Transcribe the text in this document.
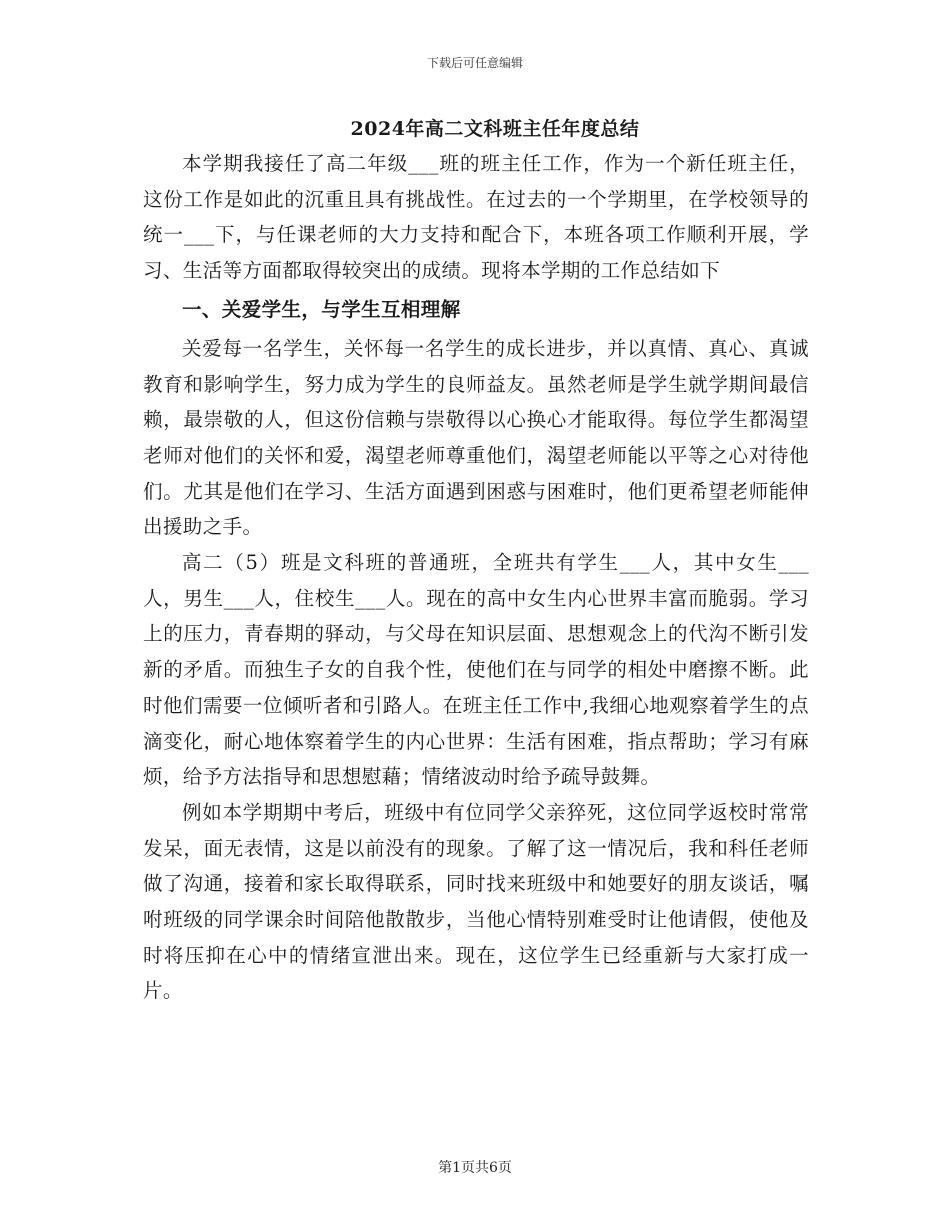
下载后可任意编辑
2024年高二文科班主任年度总结

本学期我接任了高二年级___班的班主任工作，作为一个新任班主任，这份工作是如此的沉重且具有挑战性。在过去的一个学期里，在学校领导的统一___下，与任课老师的大力支持和配合下，本班各项工作顺利开展，学习、生活等方面都取得较突出的成绩。现将本学期的工作总结如下

一、关爱学生，与学生互相理解

关爱每一名学生，关怀每一名学生的成长进步，并以真情、真心、真诚教育和影响学生，努力成为学生的良师益友。虽然老师是学生就学期间最信赖，最崇敬的人，但这份信赖与崇敬得以心换心才能取得。每位学生都渴望老师对他们的关怀和爱，渴望老师尊重他们，渴望老师能以平等之心对待他们。尤其是他们在学习、生活方面遇到困惑与困难时，他们更希望老师能伸出援助之手。

高二（5）班是文科班的普通班，全班共有学生___人，其中女生___人，男生___人，住校生___人。现在的高中女生内心世界丰富而脆弱。学习上的压力，青春期的驿动，与父母在知识层面、思想观念上的代沟不断引发新的矛盾。而独生子女的自我个性，使他们在与同学的相处中磨擦不断。此时他们需要一位倾听者和引路人。在班主任工作中,我细心地观察着学生的点滴变化，耐心地体察着学生的内心世界：生活有困难，指点帮助；学习有麻烦，给予方法指导和思想慰藉；情绪波动时给予疏导鼓舞。

例如本学期期中考后，班级中有位同学父亲猝死，这位同学返校时常常发呆，面无表情，这是以前没有的现象。了解了这一情况后，我和科任老师做了沟通，接着和家长取得联系，同时找来班级中和她要好的朋友谈话，嘱咐班级的同学课余时间陪他散散步，当他心情特别难受时让他请假，使他及时将压抑在心中的情绪宣泄出来。现在，这位学生已经重新与大家打成一片。

第1页共6页
